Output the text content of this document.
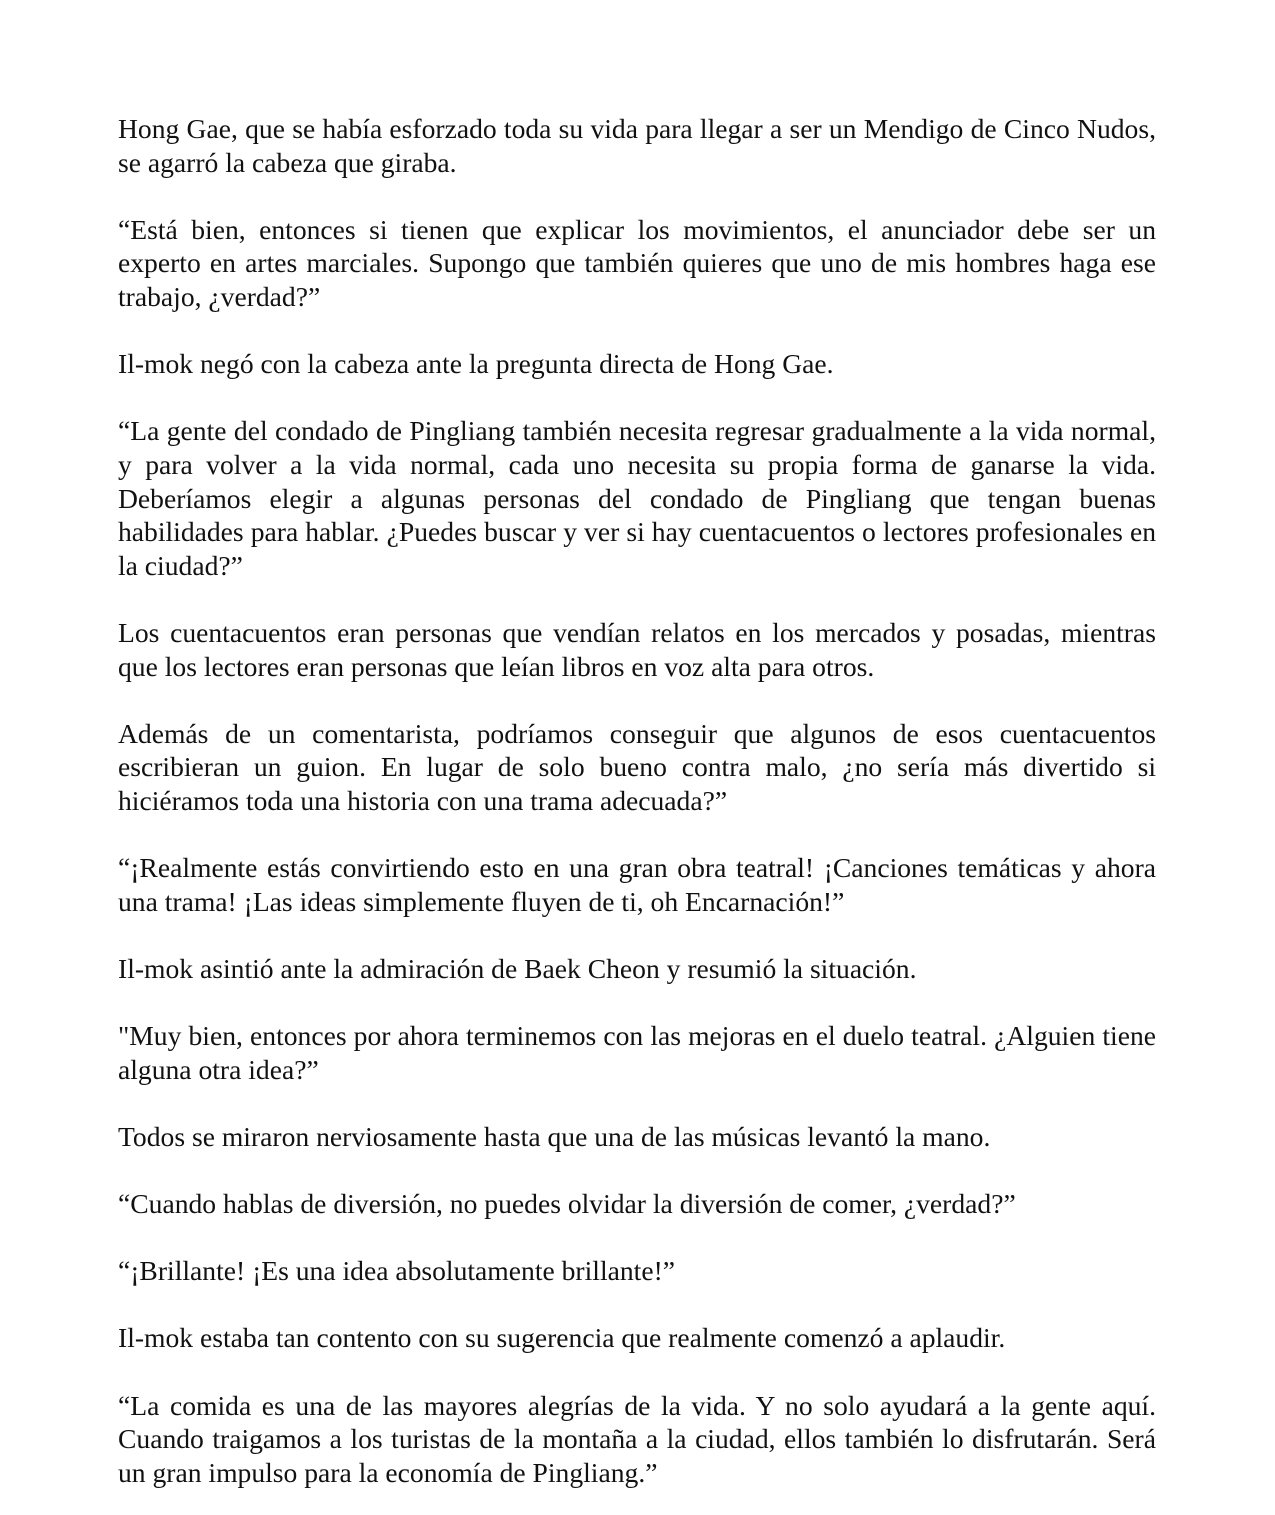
Hong Gae, que se había esforzado toda su vida para llegar a ser un Mendigo de Cinco Nudos, se agarró la cabeza que giraba.

“Está bien, entonces si tienen que explicar los movimientos, el anunciador debe ser un experto en artes marciales. Supongo que también quieres que uno de mis hombres haga ese trabajo, ¿verdad?”

Il-mok negó con la cabeza ante la pregunta directa de Hong Gae.

“La gente del condado de Pingliang también necesita regresar gradualmente a la vida normal, y para volver a la vida normal, cada uno necesita su propia forma de ganarse la vida. Deberíamos elegir a algunas personas del condado de Pingliang que tengan buenas habilidades para hablar. ¿Puedes buscar y ver si hay cuentacuentos o lectores profesionales en la ciudad?”

Los cuentacuentos eran personas que vendían relatos en los mercados y posadas, mientras que los lectores eran personas que leían libros en voz alta para otros.

Además de un comentarista, podríamos conseguir que algunos de esos cuentacuentos escribieran un guion. En lugar de solo bueno contra malo, ¿no sería más divertido si hiciéramos toda una historia con una trama adecuada?”

“¡Realmente estás convirtiendo esto en una gran obra teatral! ¡Canciones temáticas y ahora una trama! ¡Las ideas simplemente fluyen de ti, oh Encarnación!”

Il-mok asintió ante la admiración de Baek Cheon y resumió la situación.

"Muy bien, entonces por ahora terminemos con las mejoras en el duelo teatral. ¿Alguien tiene alguna otra idea?”

Todos se miraron nerviosamente hasta que una de las músicas levantó la mano.

“Cuando hablas de diversión, no puedes olvidar la diversión de comer, ¿verdad?”

“¡Brillante! ¡Es una idea absolutamente brillante!”

Il-mok estaba tan contento con su sugerencia que realmente comenzó a aplaudir.

“La comida es una de las mayores alegrías de la vida. Y no solo ayudará a la gente aquí. Cuando traigamos a los turistas de la montaña a la ciudad, ellos también lo disfrutarán. Será un gran impulso para la economía de Pingliang.”
